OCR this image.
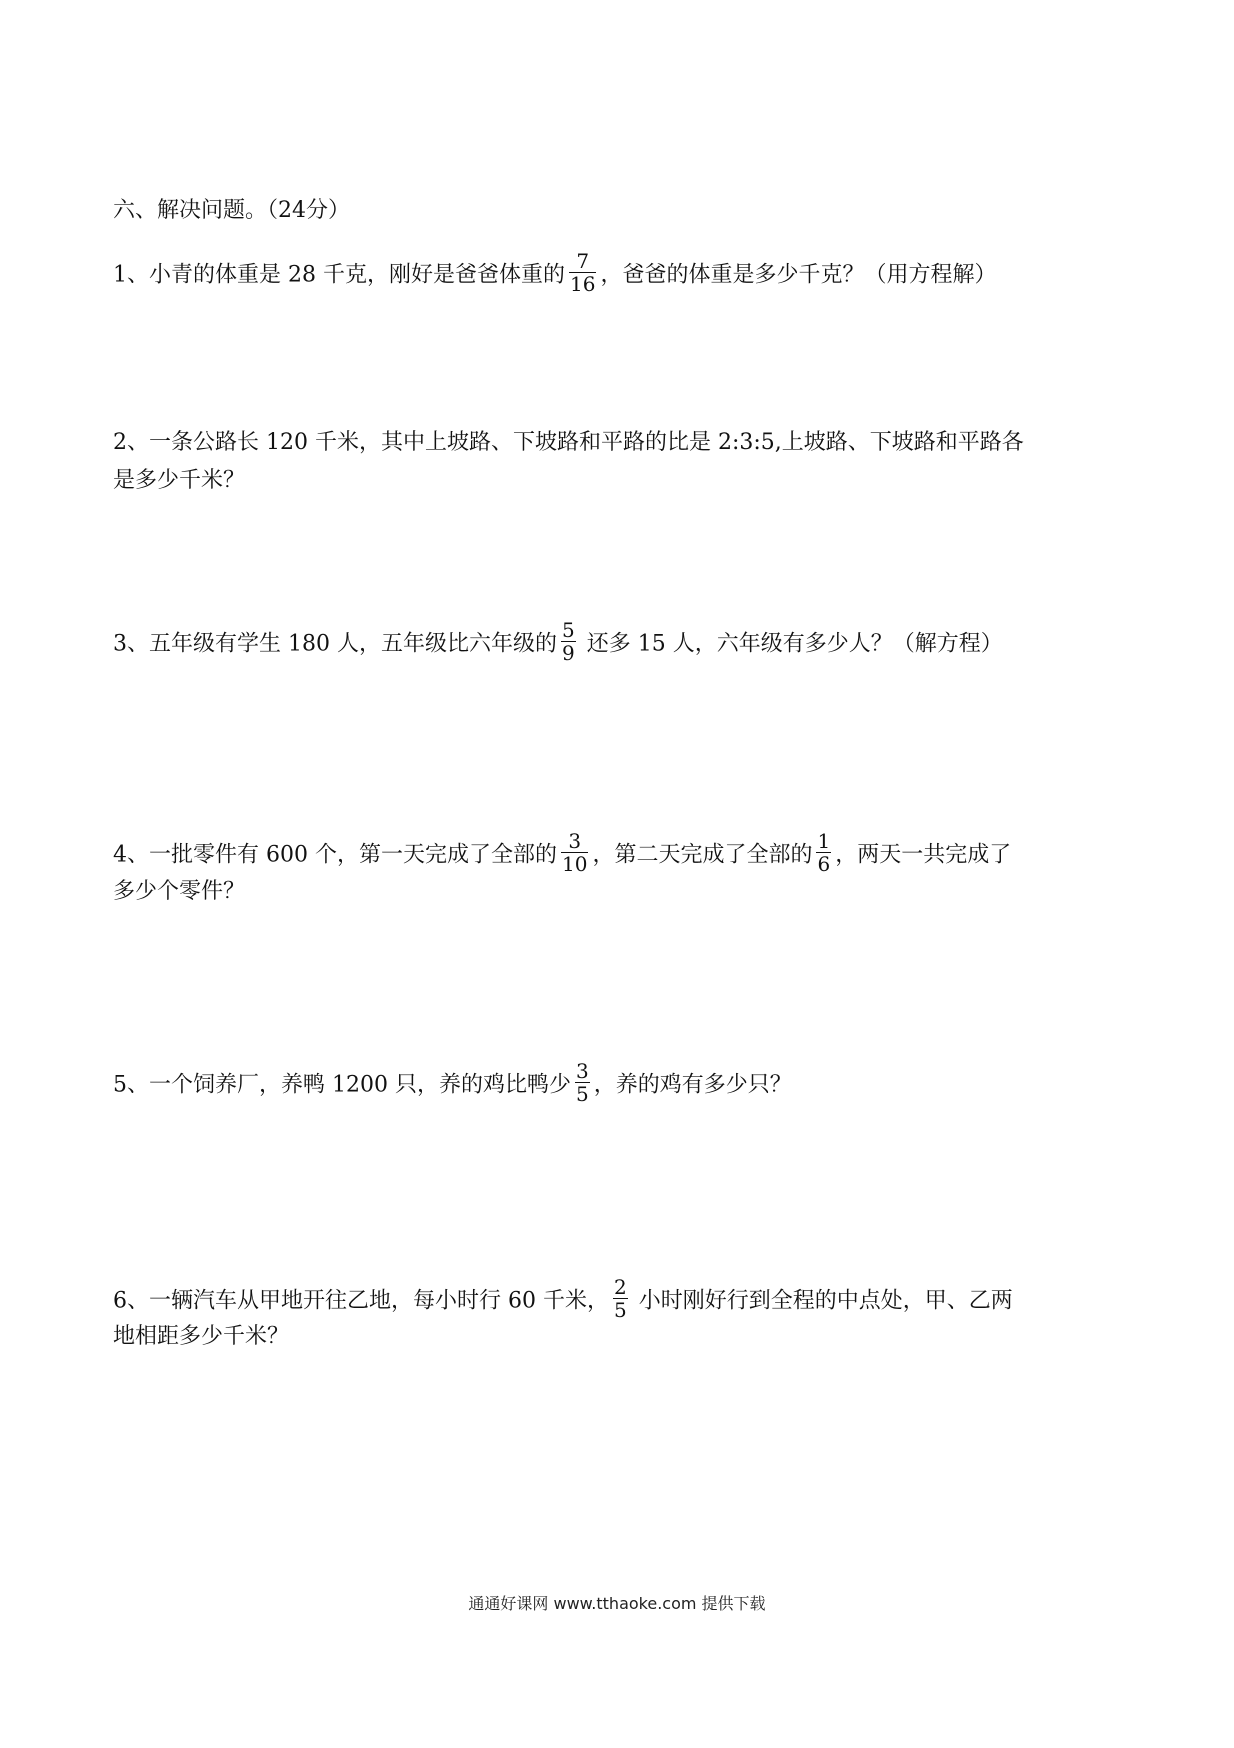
六、解决问题。（24分）
1、小青的体重是 28 千克，刚好是爸爸体重的 $\frac{7}{16}$ ，爸爸的体重是多少千克？（用方程解）
2、一条公路长 120 千米，其中上坡路、下坡路和平路的比是 2:3:5,上坡路、下坡路和平路各
是多少千米？
3、五年级有学生 180 人，五年级比六年级的 $\frac{5}{9}$ 还多 15 人，六年级有多少人？（解方程）
4、一批零件有 600 个，第一天完成了全部的 $\frac{3}{10}$ ，第二天完成了全部的 $\frac{1}{6}$ ，两天一共完成了
多少个零件？
5、一个饲养厂，养鸭 1200 只，养的鸡比鸭少 $\frac{3}{5}$ ，养的鸡有多少只？
6、一辆汽车从甲地开往乙地，每小时行 60 千米， $\frac{2}{5}$ 小时刚好行到全程的中点处，甲、乙两
地相距多少千米？
通通好课网 www.tthaoke.com 提供下载
